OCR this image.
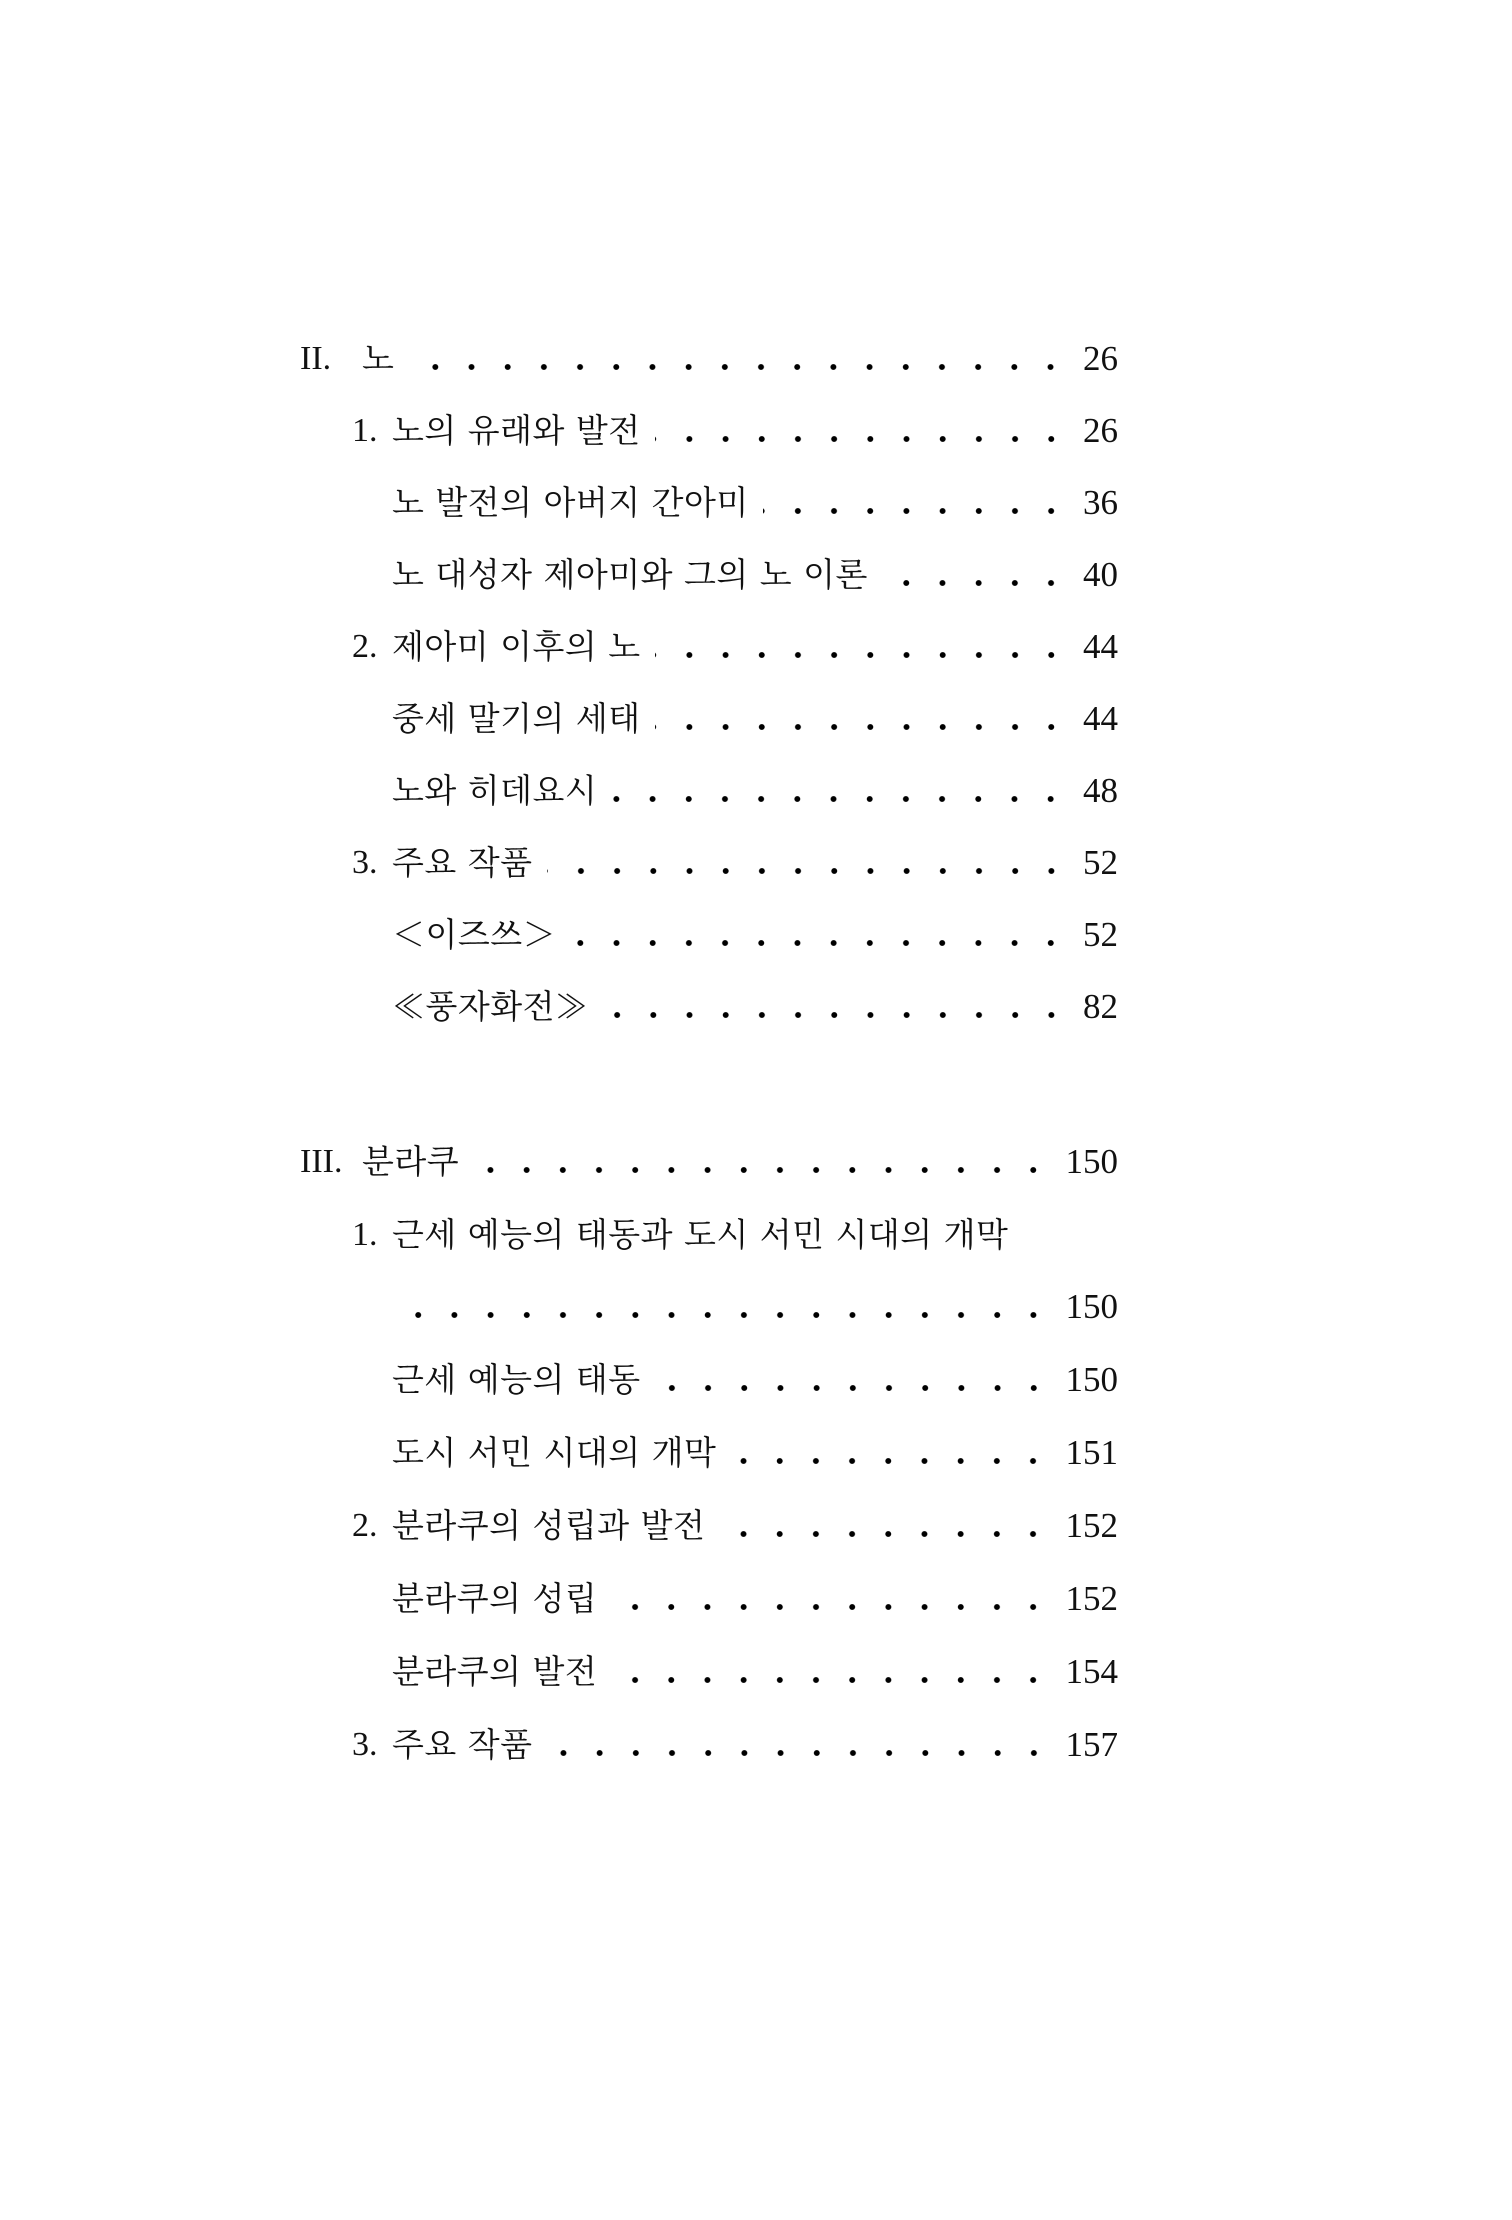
II. 노	26
1. 노의 유래와 발전	26
노 발전의 아버지 간아미	36
노 대성자 제아미와 그의 노 이론	40
2. 제아미 이후의 노	44
중세 말기의 세태	44
노와 히데요시	48
3. 주요 작품	52
＜이즈쓰＞	52
≪풍자화전≫	82
III. 분라쿠	150
1. 근세 예능의 태동과 도시 서민 시대의 개막
150
근세 예능의 태동	150
도시 서민 시대의 개막	151
2. 분라쿠의 성립과 발전	152
분라쿠의 성립	152
분라쿠의 발전	154
3. 주요 작품	157
